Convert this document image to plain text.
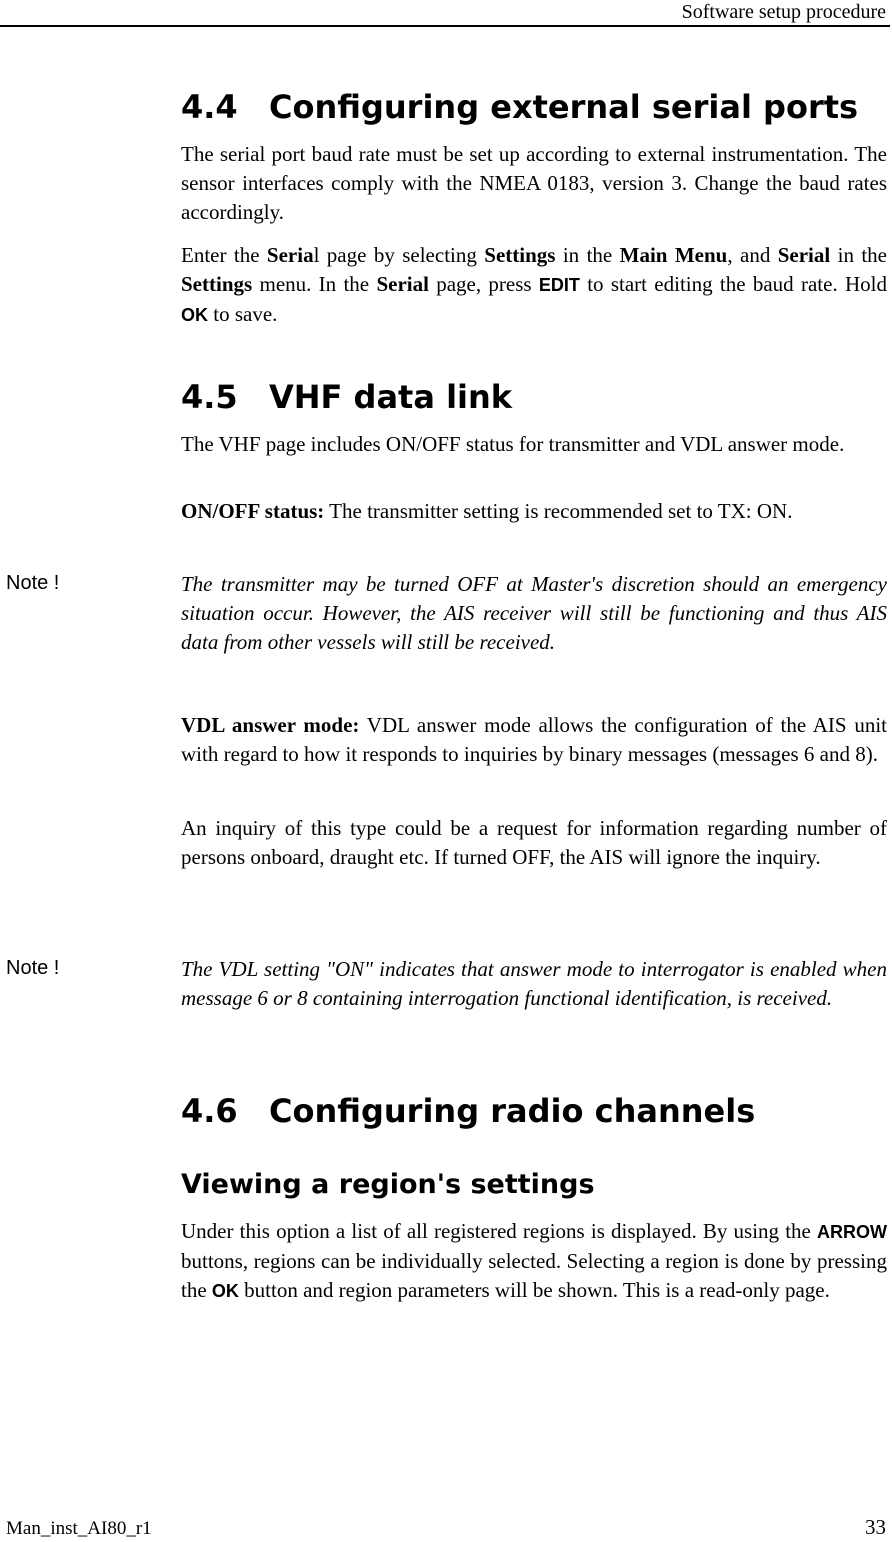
Software setup procedure
4.4 Configuring external serial ports

The serial port baud rate must be set up according to external instrumentation. The sensor interfaces comply with the NMEA 0183, version 3. Change the baud rates accordingly.

Enter the Serial page by selecting Settings in the Main Menu, and Serial in the Settings menu. In the Serial page, press EDIT to start editing the baud rate. Hold OK to save.

4.5 VHF data link

The VHF page includes ON/OFF status for transmitter and VDL answer mode.

ON/OFF status: The transmitter setting is recommended set to TX: ON.

Note !	The transmitter may be turned OFF at Master's discretion should an emergency situation occur. However, the AIS receiver will still be functioning and thus AIS data from other vessels will still be received.

VDL answer mode: VDL answer mode allows the configuration of the AIS unit with regard to how it responds to inquiries by binary messages (messages 6 and 8).

An inquiry of this type could be a request for information regarding number of persons onboard, draught etc. If turned OFF, the AIS will ignore the inquiry.

Note !	The VDL setting "ON" indicates that answer mode to interrogator is enabled when message 6 or 8 containing interrogation functional identification, is received.

4.6 Configuring radio channels
Viewing a region's settings

Under this option a list of all registered regions is displayed. By using the ARROW buttons, regions can be individually selected. Selecting a region is done by pressing the OK button and region parameters will be shown. This is a read-only page.

Man_inst_AI80_r1	33
